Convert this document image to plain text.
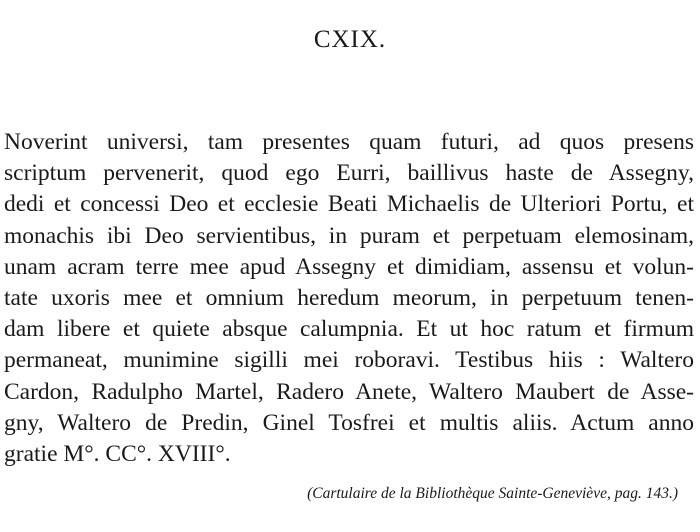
CXIX.
Noverint universi, tam presentes quam futuri, ad quos presens
scriptum pervenerit, quod ego Eurri, baillivus haste de Assegny,
dedi et concessi Deo et ecclesie Beati Michaelis de Ulteriori Portu, et
monachis ibi Deo servientibus, in puram et perpetuam elemosinam,
unam acram terre mee apud Assegny et dimidiam, assensu et volun-
tate uxoris mee et omnium heredum meorum, in perpetuum tenen-
dam libere et quiete absque calumpnia. Et ut hoc ratum et firmum
permaneat, munimine sigilli mei roboravi. Testibus hiis : Waltero
Cardon, Radulpho Martel, Radero Anete, Waltero Maubert de Asse-
gny, Waltero de Predin, Ginel Tosfrei et multis aliis. Actum anno
gratie M°. CC°. XVIII°.
(Cartulaire de la Bibliothèque Sainte-Geneviève, pag. 143.)
